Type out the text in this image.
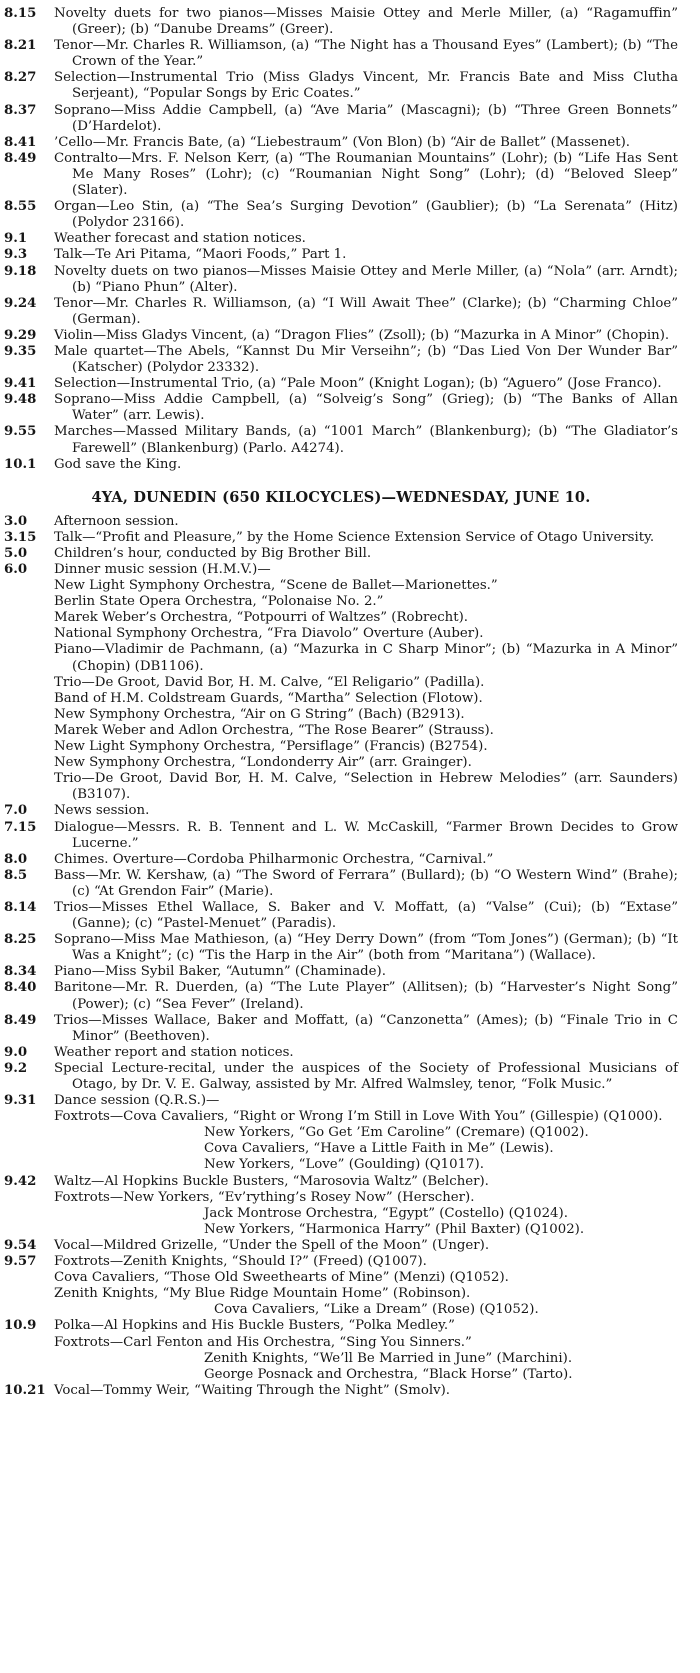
8.15	Novelty duets for two pianos—Misses Maisie Ottey and Merle Miller, (a) “Ragamuffin” (Greer); (b) “Danube Dreams” (Greer).
8.21	Tenor—Mr. Charles R. Williamson, (a) “The Night has a Thousand Eyes” (Lambert); (b) “The Crown of the Year.”
8.27	Selection—Instrumental Trio (Miss Gladys Vincent, Mr. Francis Bate and Miss Clutha Serjeant), “Popular Songs by Eric Coates.”
8.37	Soprano—Miss Addie Campbell, (a) “Ave Maria” (Mascagni); (b) “Three Green Bonnets” (D’Hardelot).
8.41	’Cello—Mr. Francis Bate, (a) “Liebestraum” (Von Blon) (b) “Air de Ballet” (Massenet).
8.49	Contralto—Mrs. F. Nelson Kerr, (a) “The Roumanian Mountains” (Lohr); (b) “Life Has Sent Me Many Roses” (Lohr); (c) “Roumanian Night Song” (Lohr); (d) “Beloved Sleep” (Slater).
8.55	Organ—Leo Stin, (a) “The Sea’s Surging Devotion” (Gaublier); (b) “La Serenata” (Hitz) (Polydor 23166).
9.1	Weather forecast and station notices.
9.3	Talk—Te Ari Pitama, “Maori Foods,” Part 1.
9.18	Novelty duets on two pianos—Misses Maisie Ottey and Merle Miller, (a) “Nola” (arr. Arndt); (b) “Piano Phun” (Alter).
9.24	Tenor—Mr. Charles R. Williamson, (a) “I Will Await Thee” (Clarke); (b) “Charming Chloe” (German).
9.29	Violin—Miss Gladys Vincent, (a) “Dragon Flies” (Zsoll); (b) “Mazurka in A Minor” (Chopin).
9.35	Male quartet—The Abels, “Kannst Du Mir Verseihn”; (b) “Das Lied Von Der Wunder Bar” (Katscher) (Polydor 23332).
9.41	Selection—Instrumental Trio, (a) “Pale Moon” (Knight Logan); (b) “Aguero” (Jose Franco).
9.48	Soprano—Miss Addie Campbell, (a) “Solveig’s Song” (Grieg); (b) “The Banks of Allan Water” (arr. Lewis).
9.55	Marches—Massed Military Bands, (a) “1001 March” (Blankenburg); (b) “The Gladiator’s Farewell” (Blankenburg) (Parlo. A4274).
10.1	God save the King.
4YA, DUNEDIN (650 KILOCYCLES)—WEDNESDAY, JUNE 10.
3.0	Afternoon session.
3.15	Talk—“Profit and Pleasure,” by the Home Science Extension Service of Otago University.
5.0	Children’s hour, conducted by Big Brother Bill.
6.0	Dinner music session (H.M.V.)—
New Light Symphony Orchestra, “Scene de Ballet—Marionettes.”
Berlin State Opera Orchestra, “Polonaise No. 2.”
Marek Weber’s Orchestra, “Potpourri of Waltzes” (Robrecht).
National Symphony Orchestra, “Fra Diavolo” Overture (Auber).
Piano—Vladimir de Pachmann, (a) “Mazurka in C Sharp Minor”; (b) “Mazurka in A Minor” (Chopin) (DB1106).
Trio—De Groot, David Bor, H. M. Calve, “El Religario” (Padilla).
Band of H.M. Coldstream Guards, “Martha” Selection (Flotow).
New Symphony Orchestra, “Air on G String” (Bach) (B2913).
Marek Weber and Adlon Orchestra, “The Rose Bearer” (Strauss).
New Light Symphony Orchestra, “Persiflage” (Francis) (B2754).
New Symphony Orchestra, “Londonderry Air” (arr. Grainger).
Trio—De Groot, David Bor, H. M. Calve, “Selection in Hebrew Melodies” (arr. Saunders) (B3107).
7.0	News session.
7.15	Dialogue—Messrs. R. B. Tennent and L. W. McCaskill, “Farmer Brown Decides to Grow Lucerne.”
8.0	Chimes. Overture—Cordoba Philharmonic Orchestra, “Carnival.”
8.5	Bass—Mr. W. Kershaw, (a) “The Sword of Ferrara” (Bullard); (b) “O Western Wind” (Brahe); (c) “At Grendon Fair” (Marie).
8.14	Trios—Misses Ethel Wallace, S. Baker and V. Moffatt, (a) “Valse” (Cui); (b) “Extase” (Ganne); (c) “Pastel-Menuet” (Paradis).
8.25	Soprano—Miss Mae Mathieson, (a) “Hey Derry Down” (from “Tom Jones”) (German); (b) “It Was a Knight”; (c) “Tis the Harp in the Air” (both from “Maritana”) (Wallace).
8.34	Piano—Miss Sybil Baker, “Autumn” (Chaminade).
8.40	Baritone—Mr. R. Duerden, (a) “The Lute Player” (Allitsen); (b) “Harvester’s Night Song” (Power); (c) “Sea Fever” (Ireland).
8.49	Trios—Misses Wallace, Baker and Moffatt, (a) “Canzonetta” (Ames); (b) “Finale Trio in C Minor” (Beethoven).
9.0	Weather report and station notices.
9.2	Special Lecture-recital, under the auspices of the Society of Professional Musicians of Otago, by Dr. V. E. Galway, assisted by Mr. Alfred Walmsley, tenor, “Folk Music.”
9.31	Dance session (Q.R.S.)—
Foxtrots—Cova Cavaliers, “Right or Wrong I’m Still in Love With You” (Gillespie) (Q1000).
New Yorkers, “Go Get ’Em Caroline” (Cremare) (Q1002).
Cova Cavaliers, “Have a Little Faith in Me” (Lewis).
New Yorkers, “Love” (Goulding) (Q1017).
9.42	Waltz—Al Hopkins Buckle Busters, “Marosovia Waltz” (Belcher).
Foxtrots—New Yorkers, “Ev’rything’s Rosey Now” (Herscher).
Jack Montrose Orchestra, “Egypt” (Costello) (Q1024).
New Yorkers, “Harmonica Harry” (Phil Baxter) (Q1002).
9.54	Vocal—Mildred Grizelle, “Under the Spell of the Moon” (Unger).
9.57	Foxtrots—Zenith Knights, “Should I?” (Freed) (Q1007).
Cova Cavaliers, “Those Old Sweethearts of Mine” (Menzi) (Q1052).
Zenith Knights, “My Blue Ridge Mountain Home” (Robinson).
Cova Cavaliers, “Like a Dream” (Rose) (Q1052).
10.9	Polka—Al Hopkins and His Buckle Busters, “Polka Medley.”
Foxtrots—Carl Fenton and His Orchestra, “Sing You Sinners.”
Zenith Knights, “We’ll Be Married in June” (Marchini).
George Posnack and Orchestra, “Black Horse” (Tarto).
10.21 Vocal—Tommy Weir, “Waiting Through the Night” (Smolv).
